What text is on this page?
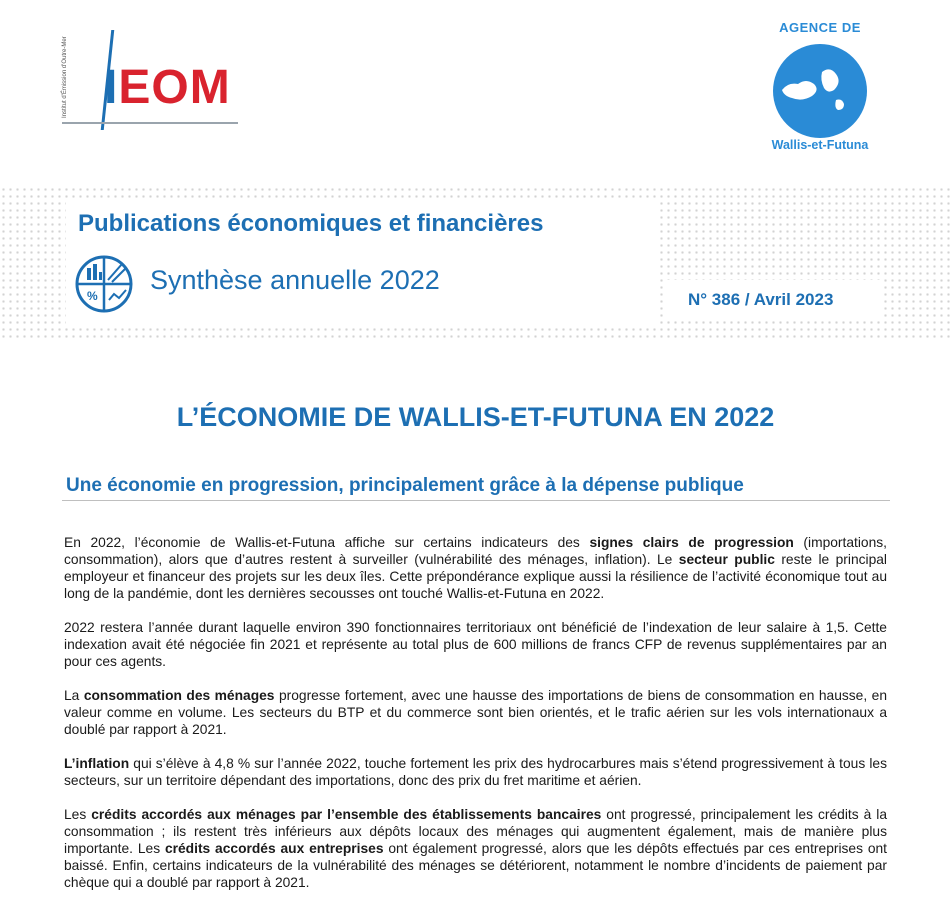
Institut d'Émission d'Outre-Mer IEOM
AGENCE DE
Wallis-et-Futuna
Publications économiques et financières
%
Synthèse annuelle 2022
N° 386 / Avril 2023
L’ÉCONOMIE DE WALLIS-ET-FUTUNA EN 2022
Une économie en progression, principalement grâce à la dépense publique

En 2022, l’économie de Wallis-et-Futuna affiche sur certains indicateurs des signes clairs de progression (importations, consommation), alors que d’autres restent à surveiller (vulnérabilité des ménages, inflation). Le secteur public reste le principal employeur et financeur des projets sur les deux îles. Cette prépondérance explique aussi la résilience de l’activité économique tout au long de la pandémie, dont les dernières secousses ont touché Wallis-et-Futuna en 2022.

2022 restera l’année durant laquelle environ 390 fonctionnaires territoriaux ont bénéficié de l’indexation de leur salaire à 1,5. Cette indexation avait été négociée fin 2021 et représente au total plus de 600 millions de francs CFP de revenus supplémentaires par an pour ces agents.

La consommation des ménages progresse fortement, avec une hausse des importations de biens de consommation en hausse, en valeur comme en volume. Les secteurs du BTP et du commerce sont bien orientés, et le trafic aérien sur les vols internationaux a doublé par rapport à 2021.

L’inflation qui s’élève à 4,8 % sur l’année 2022, touche fortement les prix des hydrocarbures mais s’étend progressivement à tous les secteurs, sur un territoire dépendant des importations, donc des prix du fret maritime et aérien.

Les crédits accordés aux ménages par l’ensemble des établissements bancaires ont progressé, principalement les crédits à la consommation ; ils restent très inférieurs aux dépôts locaux des ménages qui augmentent également, mais de manière plus importante. Les crédits accordés aux entreprises ont également progressé, alors que les dépôts effectués par ces entreprises ont baissé. Enfin, certains indicateurs de la vulnérabilité des ménages se détériorent, notamment le nombre d’incidents de paiement par chèque qui a doublé par rapport à 2021.
